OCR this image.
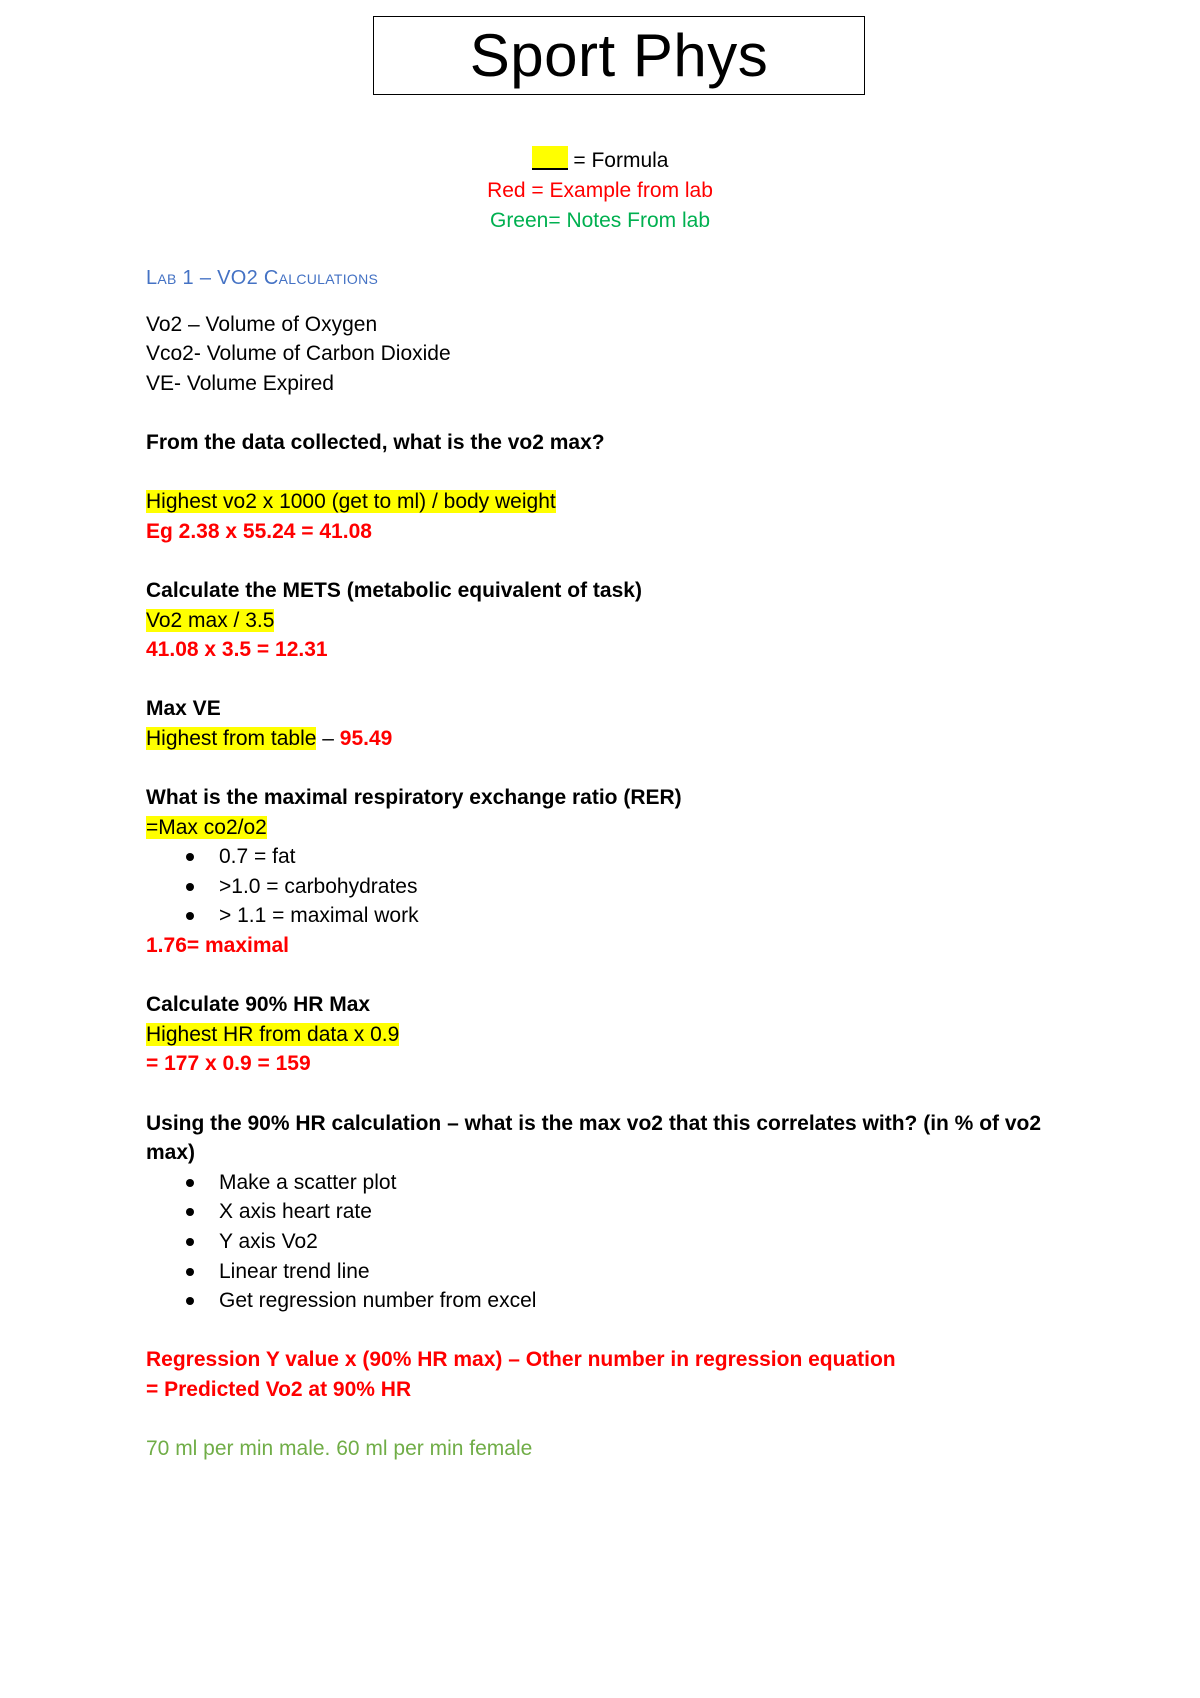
Sport Phys
= Formula
Red = Example from lab
Green= Notes From lab
Lab 1 – VO2 Calculations
Vo2 – Volume of Oxygen
Vco2- Volume of Carbon Dioxide
VE- Volume Expired
From the data collected, what is the vo2 max?
Highest vo2 x 1000 (get to ml) / body weight
Eg 2.38 x 55.24 = 41.08
Calculate the METS (metabolic equivalent of task)
Vo2 max / 3.5
41.08 x 3.5 = 12.31
Max VE
Highest from table – 95.49
What is the maximal respiratory exchange ratio (RER)
=Max co2/o2
0.7 = fat
>1.0 = carbohydrates
> 1.1 = maximal work
1.76= maximal
Calculate 90% HR Max
Highest HR from data x 0.9
= 177 x 0.9 = 159
Using the 90% HR calculation – what is the max vo2 that this correlates with? (in % of vo2 max)
Make a scatter plot
X axis heart rate
Y axis Vo2
Linear trend line
Get regression number from excel
Regression Y value x (90% HR max) – Other number in regression equation
= Predicted Vo2 at 90% HR
70 ml per min male. 60 ml per min female
